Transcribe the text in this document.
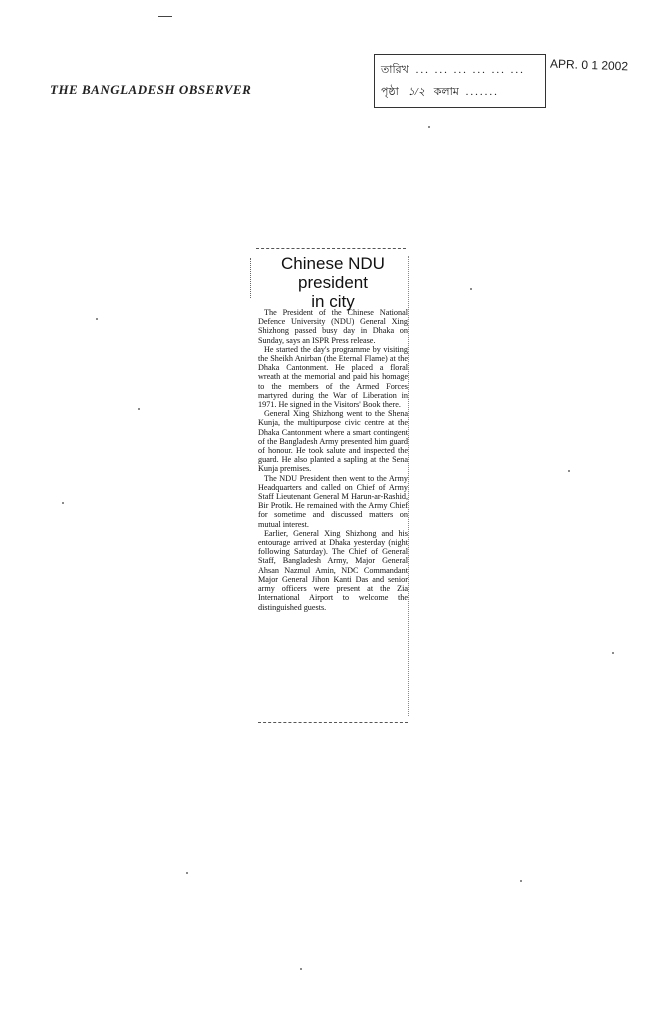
THE BANGLADESH OBSERVER
তারিখ ... ... ... ... ... ...
পৃষ্ঠা ১/২ কলাম .......
APR. 0 1 2002
Chinese NDU
president
in city

The President of the Chinese National Defence University (NDU) General Xing Shizhong passed busy day in Dhaka on Sunday, says an ISPR Press release.

He started the day's programme by visiting the Sheikh Anirban (the Eternal Flame) at the Dhaka Cantonment. He placed a floral wreath at the memorial and paid his homage to the members of the Armed Forces martyred during the War of Liberation in 1971. He signed in the Visitors' Book there.

General Xing Shizhong went to the Shena Kunja, the multipurpose civic centre at the Dhaka Cantonment where a smart contingent of the Bangladesh Army presented him guard of honour. He took salute and inspected the guard. He also planted a sapling at the Sena Kunja premises.

The NDU President then went to the Army Headquarters and called on Chief of Army Staff Lieutenant General M Harun-ar-Rashid, Bir Protik. He remained with the Army Chief for sometime and discussed matters on mutual interest.

Earlier, General Xing Shizhong and his entourage arrived at Dhaka yesterday (night following Saturday). The Chief of General Staff, Bangladesh Army, Major General Ahsan Nazmul Amin, NDC Commandant Major General Jihon Kanti Das and senior army officers were present at the Zia International Airport to welcome the distinguished guests.
